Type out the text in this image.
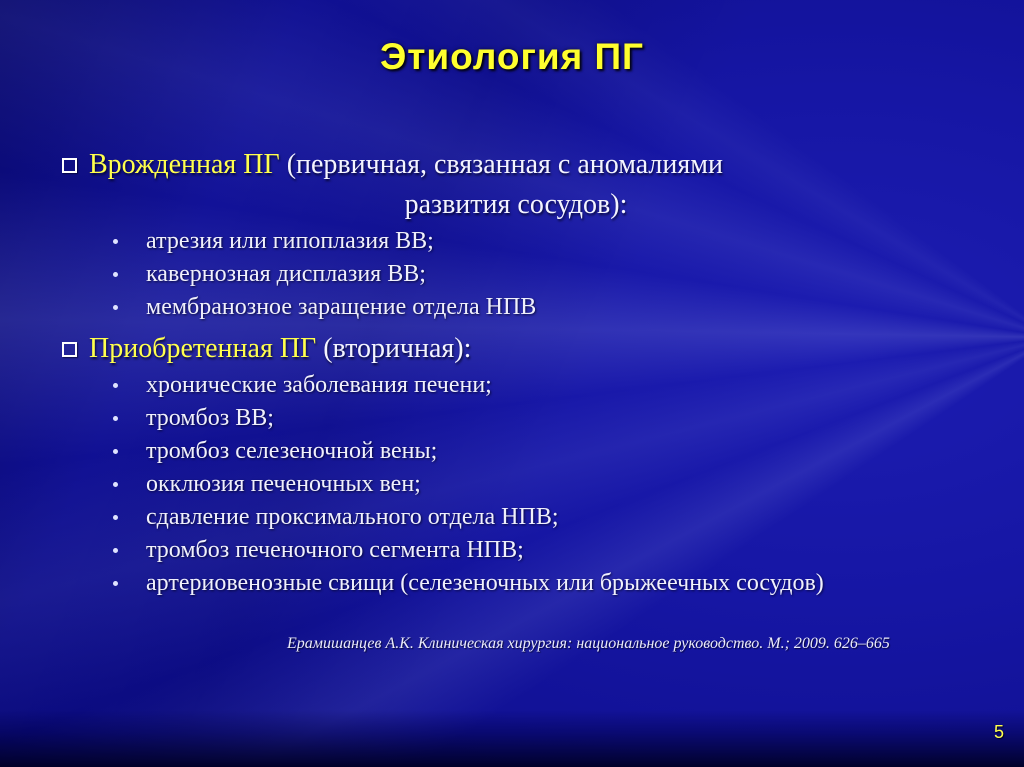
Этиология ПГ
Врожденная ПГ (первичная, связанная с аномалиями
развития сосудов):
атрезия или гипоплазия ВВ;
кавернозная дисплазия ВВ;
мембранозное заращение отдела НПВ
Приобретенная ПГ (вторичная):
хронические заболевания печени;
тромбоз ВВ;
тромбоз селезеночной вены;
окклюзия печеночных вен;
сдавление проксимального отдела НПВ;
тромбоз печеночного сегмента НПВ;
артериовенозные свищи (селезеночных или брыжеечных сосудов)
Ерамишанцев А.К. Клиническая хирургия: национальное руководство. М.; 2009. 626–665
5
